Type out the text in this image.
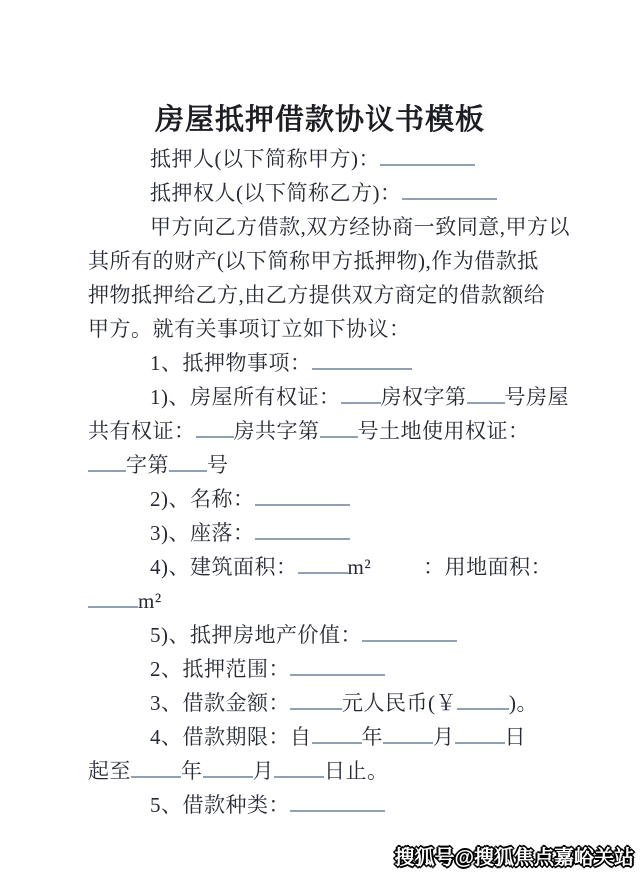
房屋抵押借款协议书模板
抵押人(以下简称甲方)：
抵押权人(以下简称乙方)：
甲方向乙方借款,双方经协商一致同意,甲方以
其所有的财产(以下简称甲方抵押物),作为借款抵
押物抵押给乙方,由乙方提供双方商定的借款额给
甲方。就有关事项订立如下协议：
1、抵押物事项：
1)、房屋所有权证： 房权字第 号房屋
共有权证： 房共字第 号土地使用权证：
字第 号
2)、名称：
3)、座落：
4)、建筑面积： m² ：用地面积：
m²
5)、抵押房地产价值：
2、抵押范围：
3、借款金额： 元人民币(￥ )。
4、借款期限：自 年 月 日
起至 年 月 日止。
5、借款种类：
搜狐号@搜狐焦点嘉峪关站
